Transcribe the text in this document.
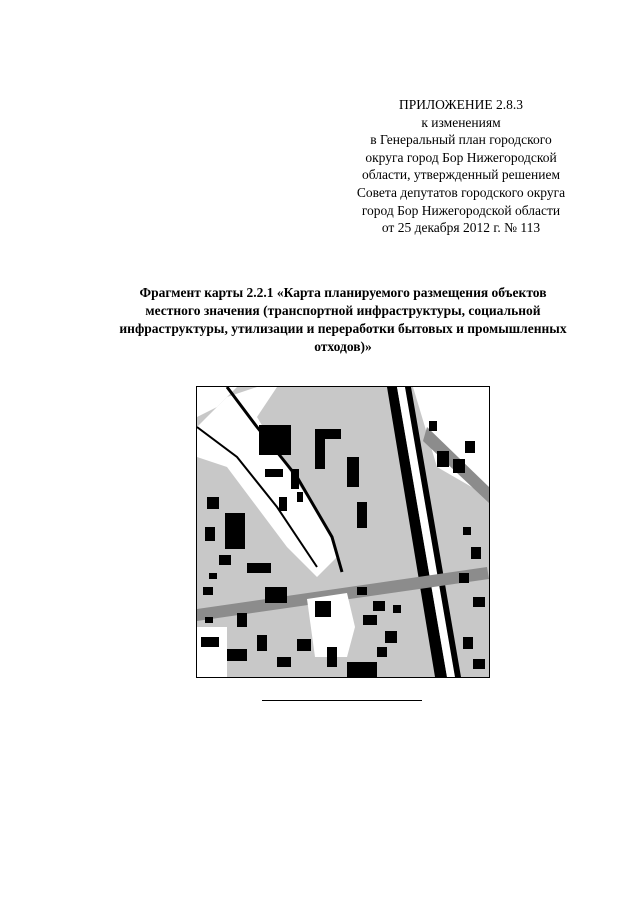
ПРИЛОЖЕНИЕ 2.8.3
к изменениям
в Генеральный план городского
округа город Бор Нижегородской
области, утвержденный решением
Совета депутатов городского округа
город Бор Нижегородской области
от 25 декабря 2012 г. № 113
Фрагмент карты 2.2.1 «Карта планируемого размещения объектов
местного значения (транспортной инфраструктуры, социальной
инфраструктуры, утилизации и переработки бытовых и промышленных
отходов)»
